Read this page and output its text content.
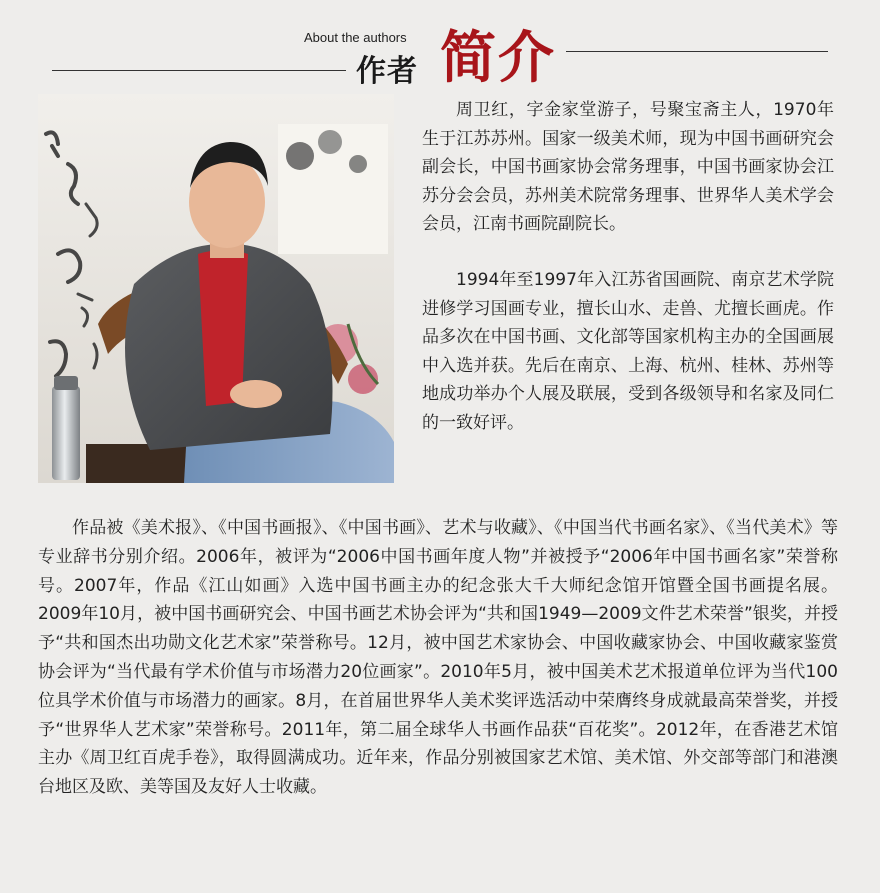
About the authors
作者 简介

周卫红，字金家堂游子，号聚宝斋主人，1970年生于江苏苏州。国家一级美术师，现为中国书画研究会副会长，中国书画家协会常务理事，中国书画家协会江苏分会会员，苏州美术院常务理事、世界华人美术学会会员，江南书画院副院长。

1994年至1997年入江苏省国画院、南京艺术学院进修学习国画专业，擅长山水、走兽、尤擅长画虎。作品多次在中国书画、文化部等国家机构主办的全国画展中入选并获。先后在南京、上海、杭州、桂林、苏州等地成功举办个人展及联展，受到各级领导和名家及同仁的一致好评。

作品被《美术报》、《中国书画报》、《中国书画》、艺术与收藏》、《中国当代书画名家》、《当代美术》等专业辞书分别介绍。2006年，被评为“2006中国书画年度人物”并被授予“2006年中国书画名家”荣誉称号。2007年，作品《江山如画》入选中国书画主办的纪念张大千大师纪念馆开馆暨全国书画提名展。2009年10月，被中国书画研究会、中国书画艺术协会评为“共和国1949—2009文件艺术荣誉”银奖，并授予“共和国杰出功勋文化艺术家”荣誉称号。12月，被中国艺术家协会、中国收藏家协会、中国收藏家鉴赏协会评为“当代最有学术价值与市场潜力20位画家”。2010年5月，被中国美术艺术报道单位评为当代100位具学术价值与市场潜力的画家。8月，在首届世界华人美术奖评选活动中荣膺终身成就最高荣誉奖，并授予“世界华人艺术家”荣誉称号。2011年，第二届全球华人书画作品获“百花奖”。2012年，在香港艺术馆主办《周卫红百虎手卷》，取得圆满成功。近年来，作品分别被国家艺术馆、美术馆、外交部等部门和港澳台地区及欧、美等国及友好人士收藏。
